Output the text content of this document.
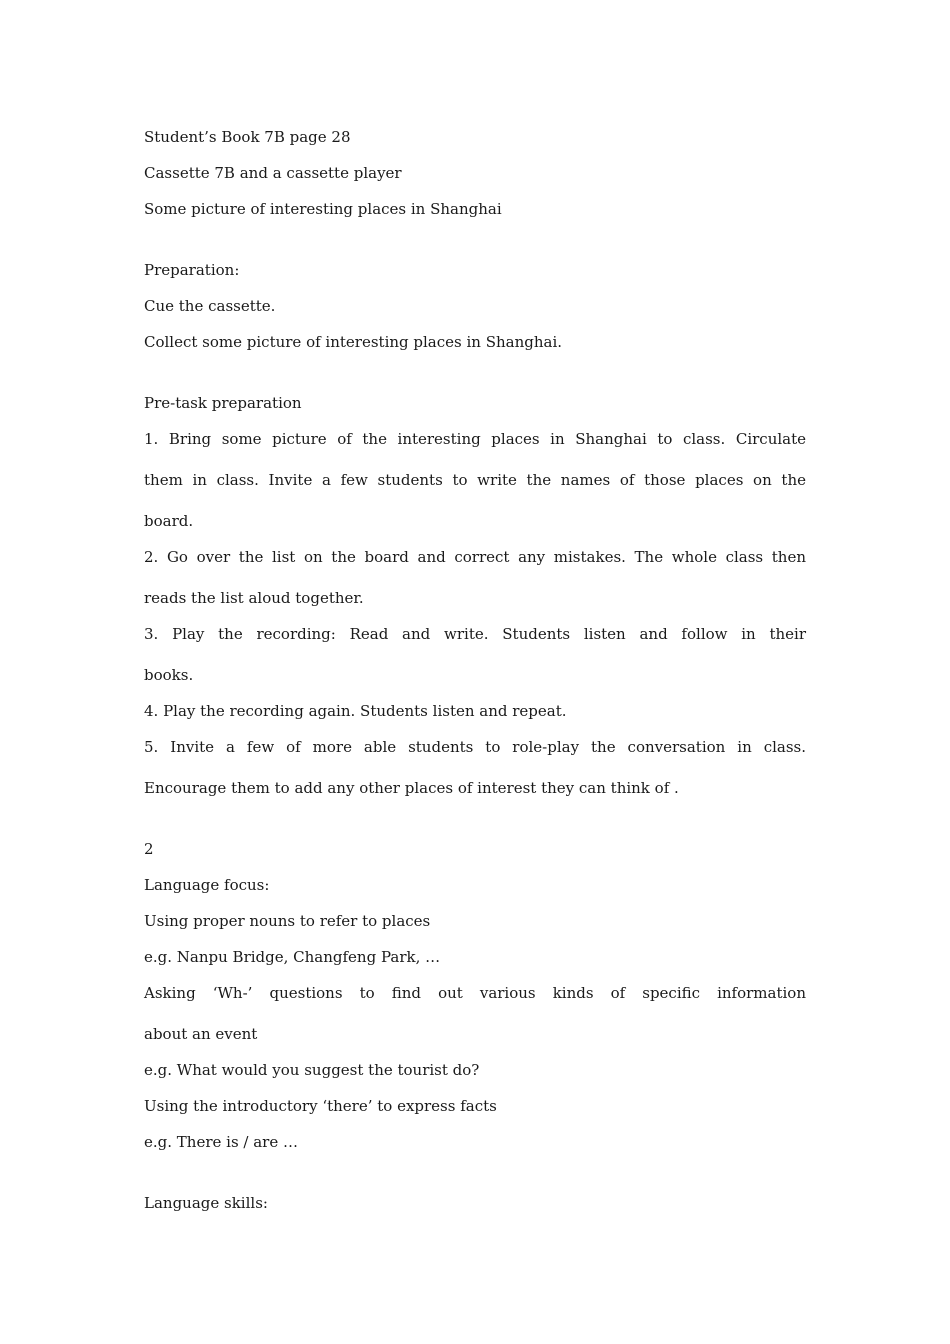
Student’s Book 7B page 28
Cassette 7B and a cassette player
Some picture of interesting places in Shanghai
Preparation:
Cue the cassette.
Collect some picture of interesting places in Shanghai.
Pre-task preparation
1. Bring some picture of the interesting places in Shanghai to class. Circulate
them in class. Invite a few students to write the names of those places on the
board.
2. Go over the list on the board and correct any mistakes. The whole class then
reads the list aloud together.
3. Play the recording: Read and write. Students listen and follow in their
books.
4. Play the recording again. Students listen and repeat.
5. Invite a few of more able students to role-play the conversation in class.
Encourage them to add any other places of interest they can think of .
2
Language focus:
Using proper nouns to refer to places
e.g. Nanpu Bridge, Changfeng Park, …
Asking ‘Wh-’ questions to find out various kinds of specific information
about an event
e.g. What would you suggest the tourist do?
Using the introductory ‘there’ to express facts
e.g. There is / are …
Language skills:
